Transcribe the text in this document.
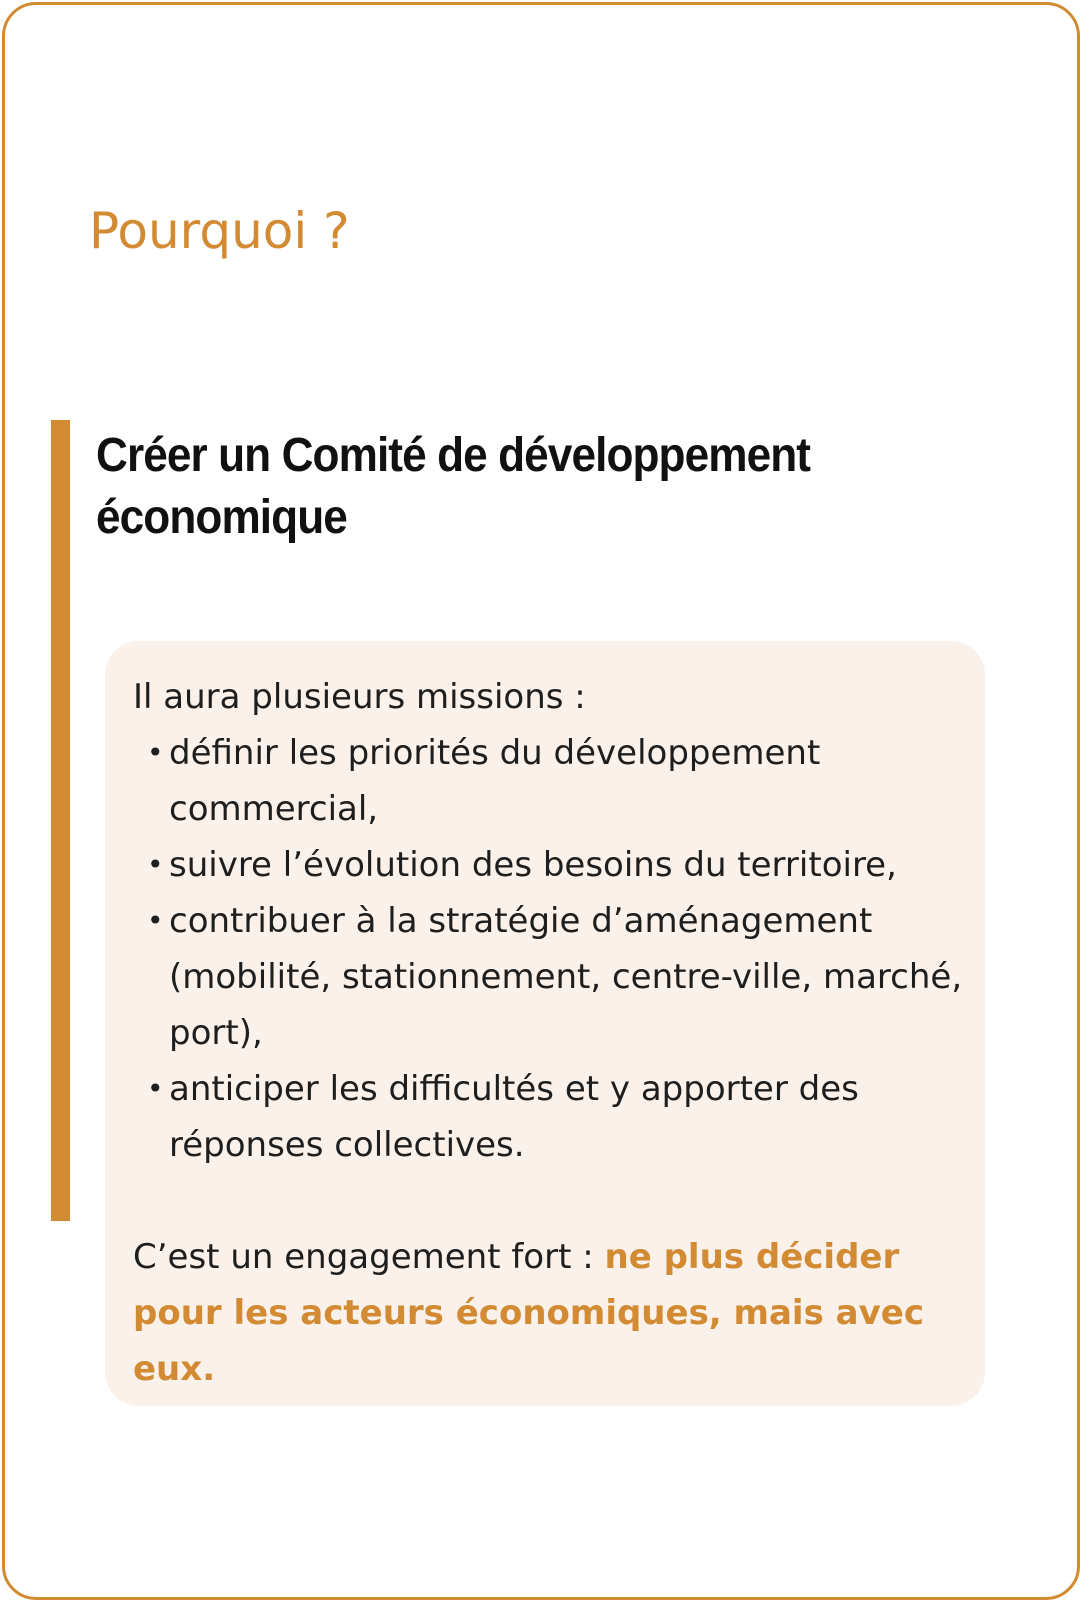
Pourquoi ?
Créer un Comité de développement économique

Il aura plusieurs missions :

• définir les priorités du développement commercial,
• suivre l’évolution des besoins du territoire,
• contribuer à la stratégie d’aménagement (mobilité, stationnement, centre-ville, marché, port),
• anticiper les difficultés et y apporter des réponses collectives.

C’est un engagement fort : ne plus décider pour les acteurs économiques, mais avec eux.
